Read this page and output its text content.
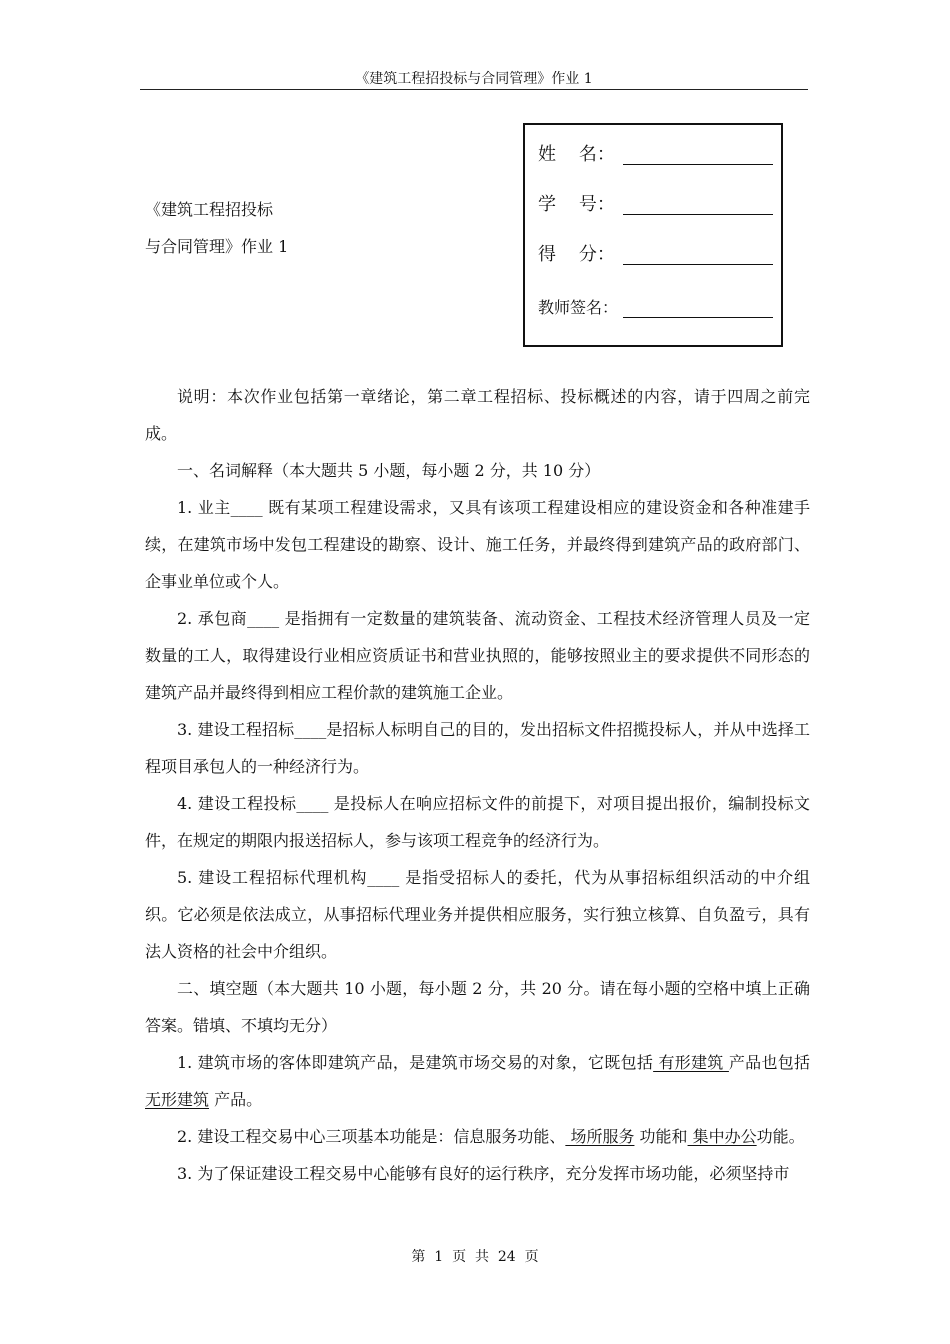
《建筑工程招投标与合同管理》作业 1
《建筑工程招投标
与合同管理》作业 1
姓    名：
学    号：
得    分：
教师签名：

说明：本次作业包括第一章绪论，第二章工程招标、投标概述的内容，请于四周之前完成。

一、名词解释（本大题共 5 小题，每小题 2 分，共 10 分）

1. 业主____ 既有某项工程建设需求，又具有该项工程建设相应的建设资金和各种准建手续，在建筑市场中发包工程建设的勘察、设计、施工任务，并最终得到建筑产品的政府部门、企事业单位或个人。

2. 承包商____ 是指拥有一定数量的建筑装备、流动资金、工程技术经济管理人员及一定数量的工人，取得建设行业相应资质证书和营业执照的，能够按照业主的要求提供不同形态的建筑产品并最终得到相应工程价款的建筑施工企业。

3. 建设工程招标____是招标人标明自己的目的，发出招标文件招揽投标人，并从中选择工程项目承包人的一种经济行为。

4. 建设工程投标____ 是投标人在响应招标文件的前提下，对项目提出报价，编制投标文件，在规定的期限内报送招标人，参与该项工程竞争的经济行为。

5. 建设工程招标代理机构____ 是指受招标人的委托，代为从事招标组织活动的中介组织。它必须是依法成立，从事招标代理业务并提供相应服务，实行独立核算、自负盈亏，具有法人资格的社会中介组织。

二、填空题（本大题共 10 小题，每小题 2 分，共 20 分。请在每小题的空格中填上正确答案。错填、不填均无分）

1. 建筑市场的客体即建筑产品，是建筑市场交易的对象，它既包括 有形建筑 产品也包括无形建筑 产品。

2. 建设工程交易中心三项基本功能是：信息服务功能、 场所服务 功能和 集中办公功能。

3. 为了保证建设工程交易中心能够有良好的运行秩序，充分发挥市场功能，必须坚持市

第  1  页  共  24  页
